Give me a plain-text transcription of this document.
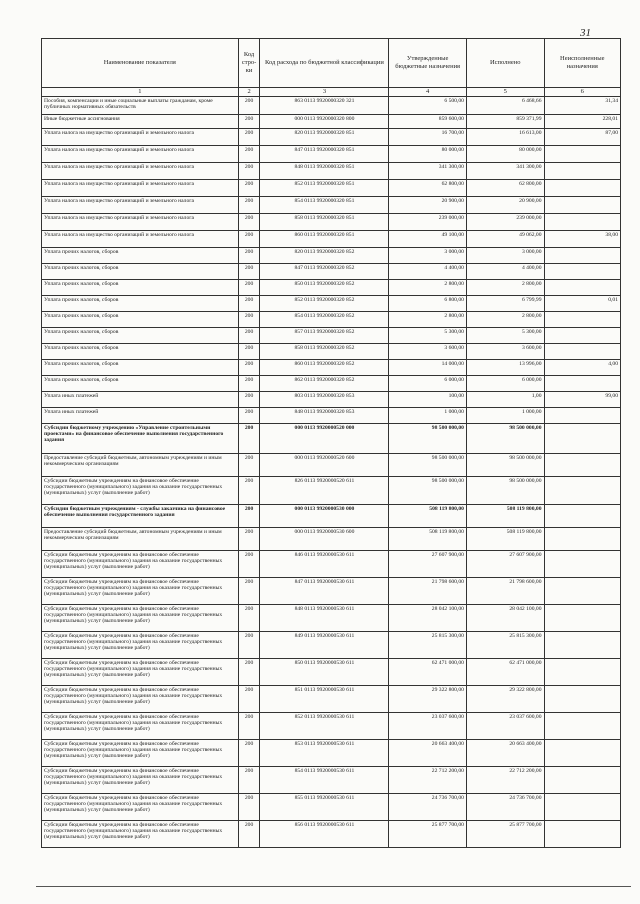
31
Наименование показателя	Код стро-ки	Код расхода по бюджетной классификации	Утвержденные бюджетные назначения	Исполнено	Неисполненные назначения
1	2	3	4	5	6
Пособия, компенсации и иные социальные выплаты гражданам, кроме публичных нормативных обязательств	200	863 0113 9920000320 321	6 500,00	6 468,66	31,34
Иные бюджетные ассигнования	200	000 0113 9920000320 800	859 600,00	859 371,99	228,01
Уплата налога на имущество организаций и земельного налога	200	820 0113 9920000320 851	16 700,00	16 613,00	87,00
Уплата налога на имущество организаций и земельного налога	200	847 0113 9920000320 851	80 000,00	80 000,00	
Уплата налога на имущество организаций и земельного налога	200	848 0113 9920000320 851	341 300,00	341 300,00	
Уплата налога на имущество организаций и земельного налога	200	852 0113 9920000320 851	62 800,00	62 800,00	
Уплата налога на имущество организаций и земельного налога	200	854 0113 9920000320 851	20 900,00	20 900,00	
Уплата налога на имущество организаций и земельного налога	200	858 0113 9920000320 851	239 000,00	239 000,00	
Уплата налога на имущество организаций и земельного налога	200	860 0113 9920000320 851	49 100,00	49 062,00	38,00
Уплата прочих налогов, сборов	200	820 0113 9920000320 852	3 000,00	3 000,00	
Уплата прочих налогов, сборов	200	847 0113 9920000320 852	4 400,00	4 400,00	
Уплата прочих налогов, сборов	200	850 0113 9920000320 852	2 800,00	2 800,00	
Уплата прочих налогов, сборов	200	852 0113 9920000320 852	6 800,00	6 799,99	0,01
Уплата прочих налогов, сборов	200	854 0113 9920000320 852	2 800,00	2 800,00	
Уплата прочих налогов, сборов	200	857 0113 9920000320 852	5 300,00	5 300,00	
Уплата прочих налогов, сборов	200	858 0113 9920000320 852	3 600,00	3 600,00	
Уплата прочих налогов, сборов	200	860 0113 9920000320 852	14 000,00	13 996,00	4,00
Уплата прочих налогов, сборов	200	862 0113 9920000320 852	6 000,00	6 000,00	
Уплата иных платежей	200	803 0113 9920000320 853	100,00	1,00	99,00
Уплата иных платежей	200	848 0113 9920000320 853	1 000,00	1 000,00	
Субсидии бюджетному учреждению «Управление строительными проектами» на финансовое обеспечение выполнения государственного задания	200	000 0113 9920000520 000	98 500 000,00	98 500 000,00	
Предоставление субсидий бюджетным, автономным учреждениям и иным некоммерческим организациям	200	000 0113 9920000520 600	98 500 000,00	98 500 000,00	
Субсидии бюджетным учреждениям на финансовое обеспечение государственного (муниципального) задания на оказание государственных (муниципальных) услуг (выполнение работ)	200	826 0113 9920000520 611	98 500 000,00	98 500 000,00	
Субсидии бюджетным учреждениям - службы заказчика на финансовое обеспечение выполнения государственного задания	200	000 0113 9920000530 000	508 119 800,00	508 119 800,00	
Предоставление субсидий бюджетным, автономным учреждениям и иным некоммерческим организациям	200	000 0113 9920000530 600	508 119 800,00	508 119 800,00	
Субсидии бюджетным учреждениям на финансовое обеспечение государственного (муниципального) задания на оказание государственных (муниципальных) услуг (выполнение работ)	200	846 0113 9920000530 611	27 607 900,00	27 607 900,00	
Субсидии бюджетным учреждениям на финансовое обеспечение государственного (муниципального) задания на оказание государственных (муниципальных) услуг (выполнение работ)	200	847 0113 9920000530 611	21 798 600,00	21 798 600,00	
Субсидии бюджетным учреждениям на финансовое обеспечение государственного (муниципального) задания на оказание государственных (муниципальных) услуг (выполнение работ)	200	848 0113 9920000530 611	28 042 100,00	28 042 100,00	
Субсидии бюджетным учреждениям на финансовое обеспечение государственного (муниципального) задания на оказание государственных (муниципальных) услуг (выполнение работ)	200	849 0113 9920000530 611	25 815 300,00	25 815 300,00	
Субсидии бюджетным учреждениям на финансовое обеспечение государственного (муниципального) задания на оказание государственных (муниципальных) услуг (выполнение работ)	200	850 0113 9920000530 611	62 471 000,00	62 471 000,00	
Субсидии бюджетным учреждениям на финансовое обеспечение государственного (муниципального) задания на оказание государственных (муниципальных) услуг (выполнение работ)	200	851 0113 9920000530 611	29 322 800,00	29 322 800,00	
Субсидии бюджетным учреждениям на финансовое обеспечение государственного (муниципального) задания на оказание государственных (муниципальных) услуг (выполнение работ)	200	852 0113 9920000530 611	23 037 600,00	23 037 600,00	
Субсидии бюджетным учреждениям на финансовое обеспечение государственного (муниципального) задания на оказание государственных (муниципальных) услуг (выполнение работ)	200	853 0113 9920000530 611	20 663 400,00	20 663 400,00	
Субсидии бюджетным учреждениям на финансовое обеспечение государственного (муниципального) задания на оказание государственных (муниципальных) услуг (выполнение работ)	200	854 0113 9920000530 611	22 712 200,00	22 712 200,00	
Субсидии бюджетным учреждениям на финансовое обеспечение государственного (муниципального) задания на оказание государственных (муниципальных) услуг (выполнение работ)	200	855 0113 9920000530 611	24 736 700,00	24 736 700,00	
Субсидии бюджетным учреждениям на финансовое обеспечение государственного (муниципального) задания на оказание государственных (муниципальных) услуг (выполнение работ)	200	856 0113 9920000530 611	25 877 700,00	25 877 700,00	
